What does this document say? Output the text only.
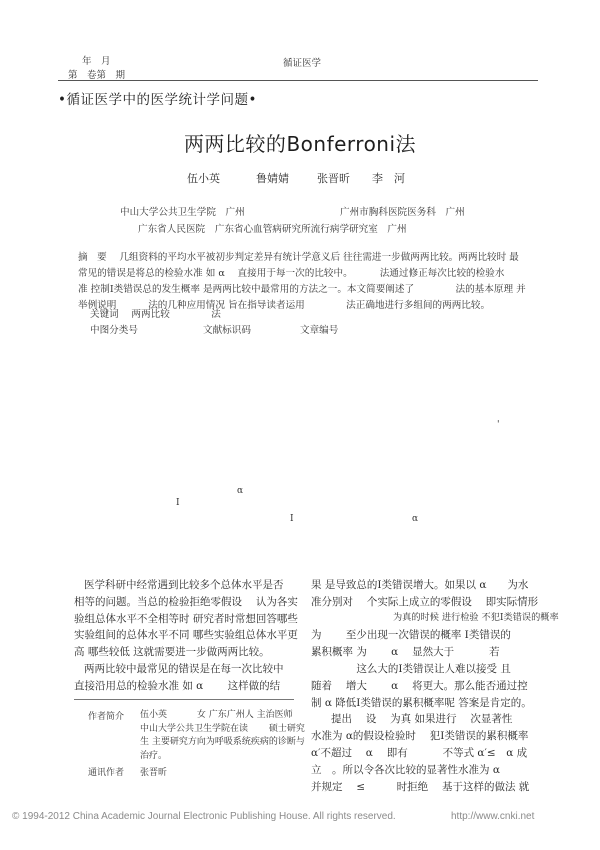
年　月
第　卷第　期
循证医学
•循证医学中的医学统计学问题•
两两比较的Bonferroni法
伍小英	鲁婧婧	张晋昕 李　河
中山大学公共卫生学院　广州	广州市胸科医院医务科　广州
广东省人民医院　广东省心血管病研究所流行病学研究室　广州
摘　要　 几组资料的平均水平被初步判定差异有统计学意义后 往往需进一步做两两比较。两两比较时 最
常见的错误是将总的检验水准 如 α　 直接用于每一次的比较中。　　　 法通过修正每次比较的检验水
准 控制Ⅰ类错误总的发生概率 是两两比较中最常用的方法之一。本文简要阐述了　　　　 法的基本原理 并
举例说明　　　 法的几种应用情况 旨在指导读者运用　　　　 法正确地进行多组间的两两比较。
关键词　 两两比较　　　　 法
中图分类号	文献标识码	文章编号
'
α
Ⅰ
Ⅰ	α
医学科研中经常遇到比较多个总体水平是否
相等的问题。当总的检验拒绝零假设　 认为各实
验组总体水平不全相等时 研究者时常想回答哪些
实验组间的总体水平不同 哪些实验组总体水平更
高 哪些较低 这就需要进一步做两两比较。
两两比较中最常见的错误是在每一次比较中
直接沿用总的检验水准 如 α　　 这样做的结
作者简介 伍小英　　　 女 广东广州人 主治医师
中山大学公共卫生学院在读　　 硕士研究
生 主要研究方向为呼吸系统疾病的诊断与
治疗。
通讯作者 张晋昕
果 是导致总的Ⅰ类错误增大。如果以 α　　为水
准分别对　 个实际上成立的零假设　 即实际情形
为真的时候 进行检验 不犯Ⅰ类错误的概率
为　　 至少出现一次错误的概率 Ⅰ类错误的
累积概率 为　　 α　 显然大于　　　 若
　　　　 这么大的Ⅰ类错误让人难以接受 且
随着　 增大　　 α　 将更大。那么能否通过控
制 α 降低Ⅰ类错误的累积概率呢 答案是肯定的。
提出　 设　 为真 如果进行　 次显著性
水准为 α的假设检验时　 犯Ⅰ类错误的累积概率
α′不超过　 α　 即有　　　 不等式 α′≤　α 成
立　。所以令各次比较的显著性水准为 α
并规定　 ≤　　　时拒绝　 基于这样的做法 就
© 1994-2012 China Academic Journal Electronic Publishing House. All rights reserved.	http://www.cnki.net
